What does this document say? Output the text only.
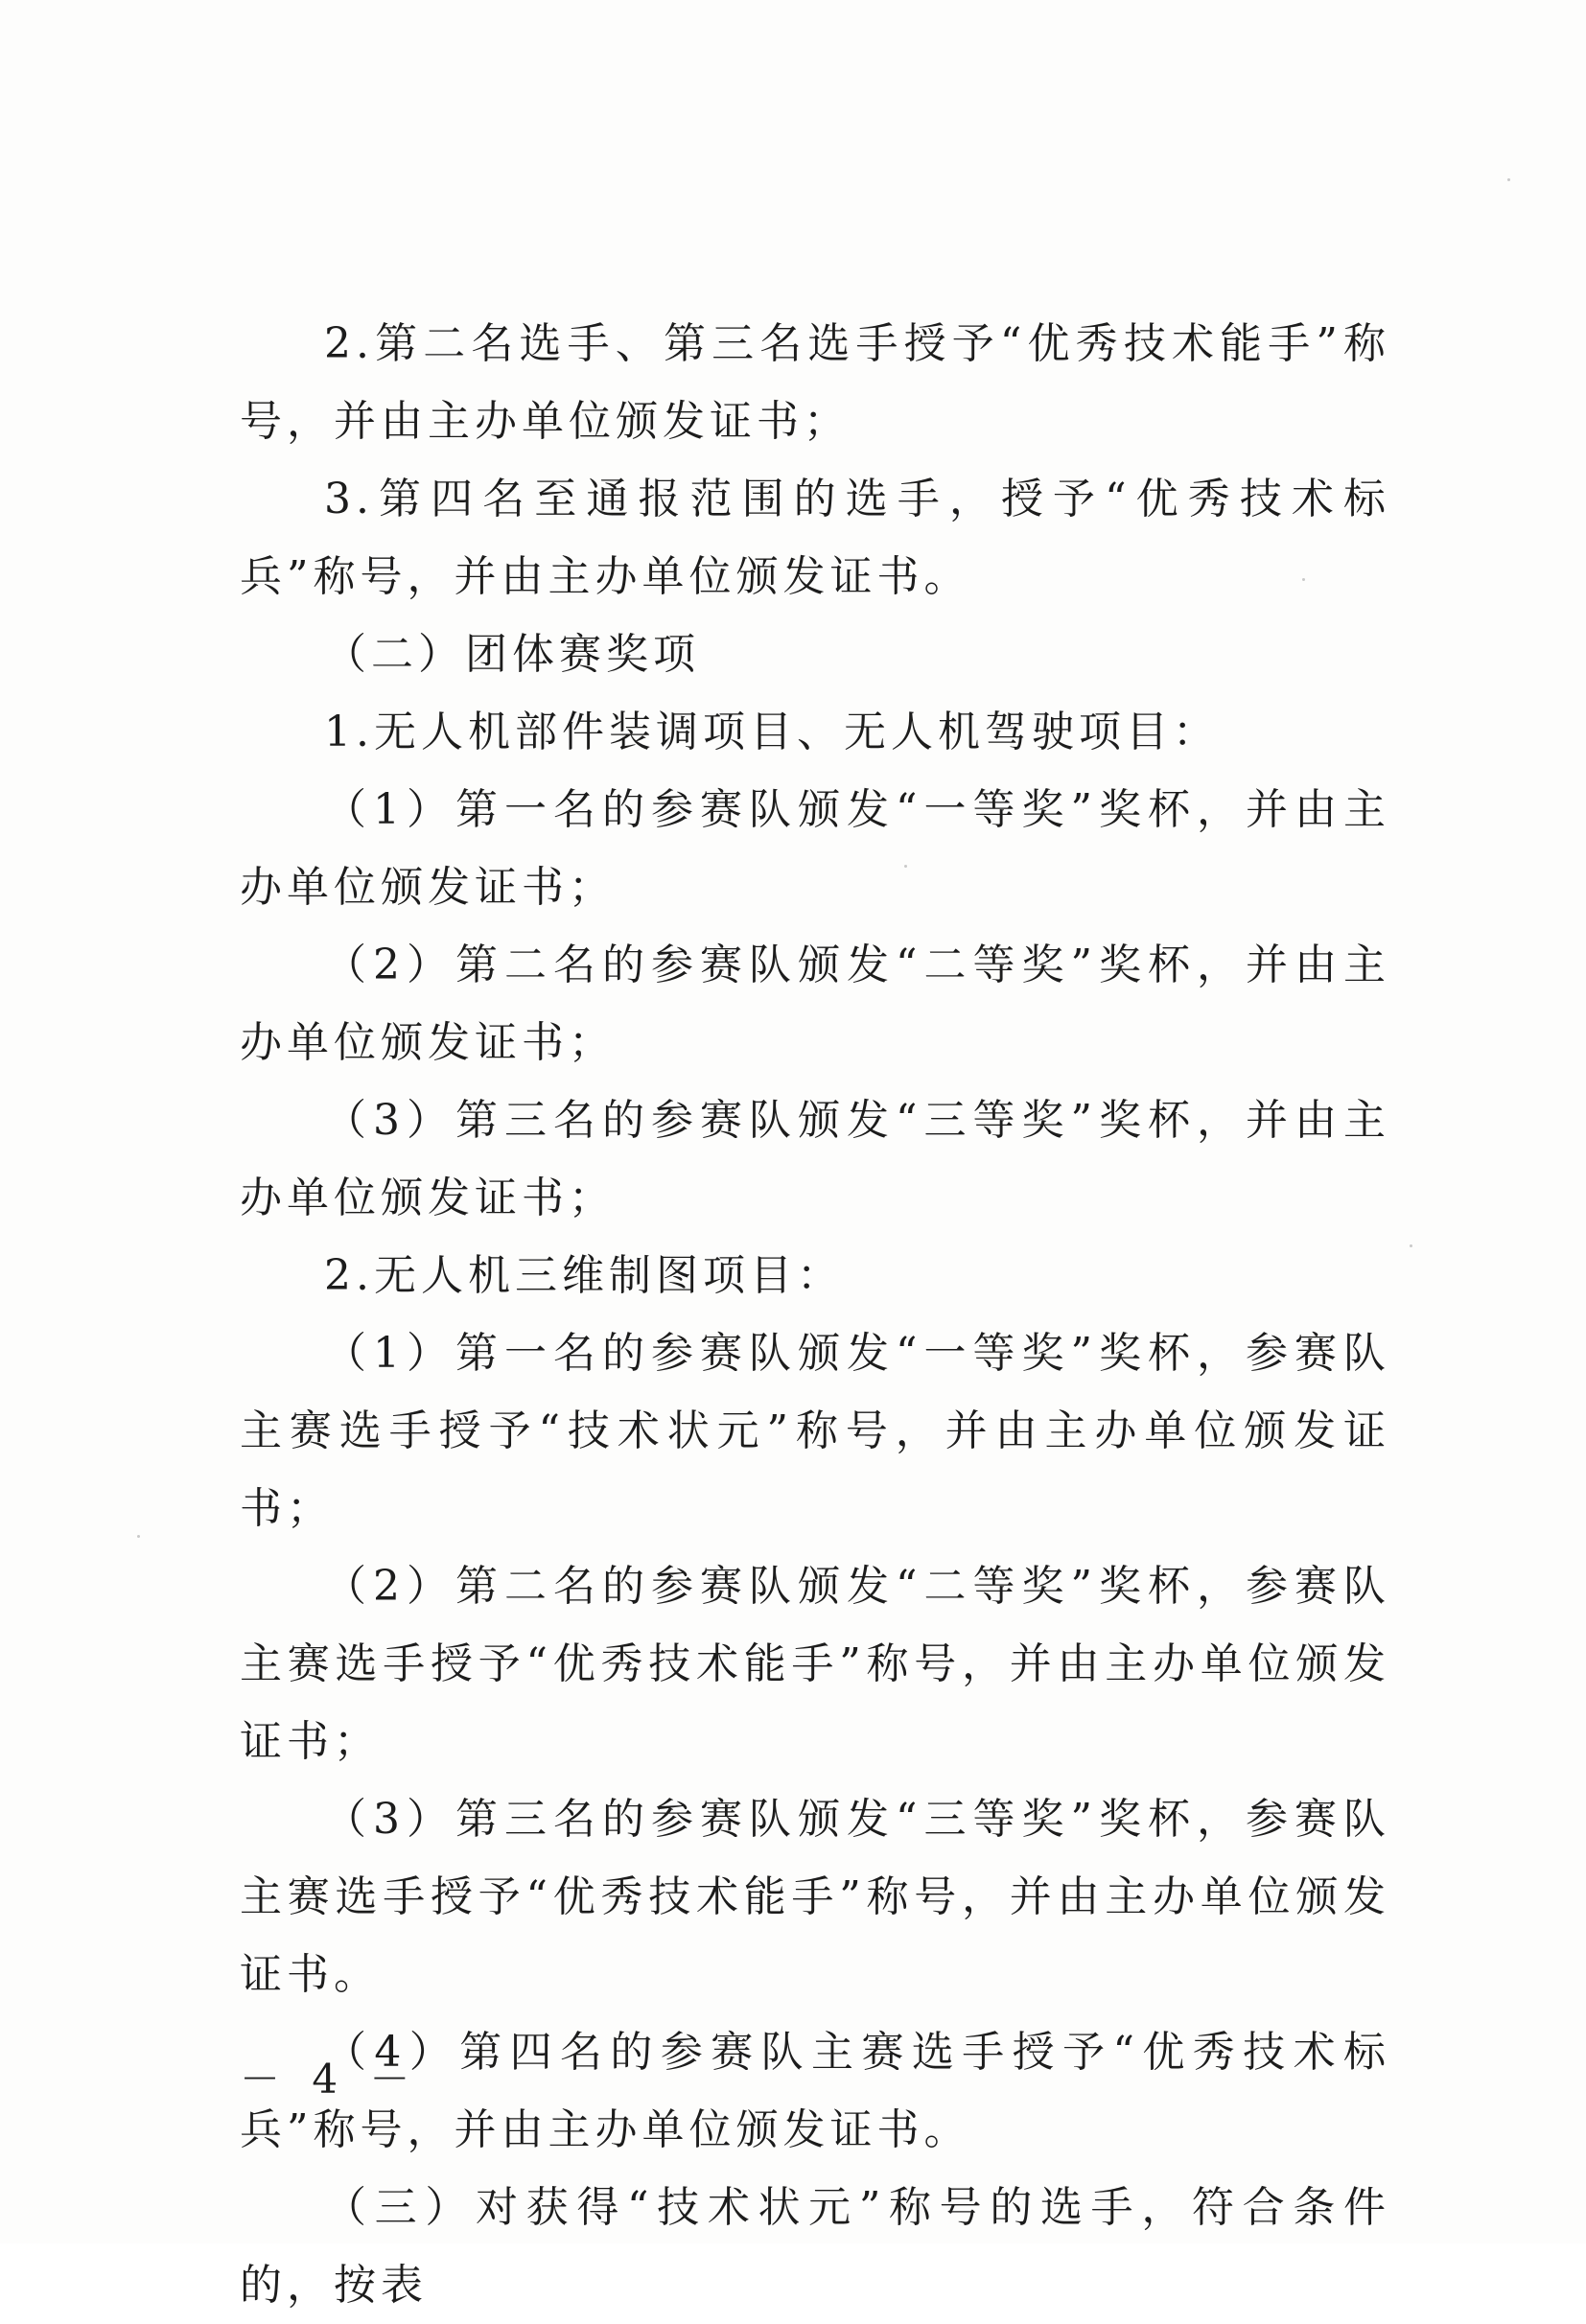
2.第二名选手、第三名选手授予“优秀技术能手”称号，并由主办单位颁发证书；

3.第四名至通报范围的选手，授予“优秀技术标兵”称号，并由主办单位颁发证书。

（二）团体赛奖项

1.无人机部件装调项目、无人机驾驶项目：

（1）第一名的参赛队颁发“一等奖”奖杯，并由主办单位颁发证书；

（2）第二名的参赛队颁发“二等奖”奖杯，并由主办单位颁发证书；

（3）第三名的参赛队颁发“三等奖”奖杯，并由主办单位颁发证书；

2.无人机三维制图项目：

（1）第一名的参赛队颁发“一等奖”奖杯，参赛队主赛选手授予“技术状元”称号，并由主办单位颁发证书；

（2）第二名的参赛队颁发“二等奖”奖杯，参赛队主赛选手授予“优秀技术能手”称号，并由主办单位颁发证书；

（3）第三名的参赛队颁发“三等奖”奖杯，参赛队主赛选手授予“优秀技术能手”称号，并由主办单位颁发证书。

（4）第四名的参赛队主赛选手授予“优秀技术标兵”称号，并由主办单位颁发证书。

（三）对获得“技术状元”称号的选手，符合条件的，按表

－ 4 －
